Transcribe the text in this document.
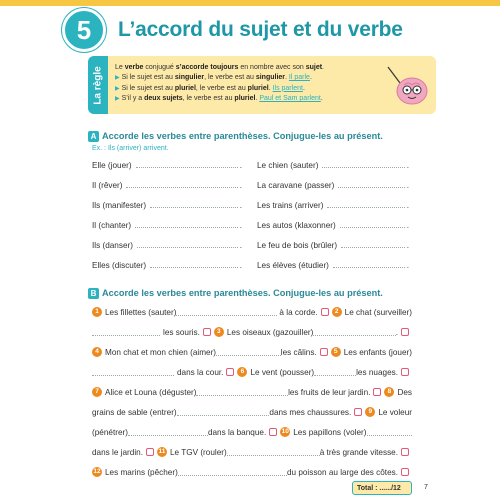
5	L’accord du sujet et du verbe
La règle Le verbe conjugué s’accorde toujours en nombre avec son sujet.
▶ Si le sujet est au singulier, le verbe est au singulier. Il parle.
▶ Si le sujet est au pluriel, le verbe est au pluriel. Ils parlent.
▶ S’il y a deux sujets, le verbe est au pluriel. Paul et Sam parlent.
A Accorde les verbes entre parenthèses. Conjugue-les au présent.
Ex. : Ils (arriver) arrivent.
Elle (jouer)	. Le chien (sauter)	.
Il (rêver)	. La caravane (passer)	.
Ils (manifester)	. Les trains (arriver)	.
Il (chanter)	. Les autos (klaxonner)	.
Ils (danser)	. Le feu de bois (brûler)	.
Elles (discuter)	. Les élèves (étudier)	.
B Accorde les verbes entre parenthèses. Conjugue-les au présent.
1 Les fillettes (sauter)	à la corde.	2 Le chat (surveiller)
les souris.	3 Les oiseaux (gazouiller)	.
4 Mon chat et mon chien (aimer)	les câlins.	5 Les enfants (jouer)
dans la cour.	6 Le vent (pousser)	les nuages.
7 Alice et Louna (déguster)	les fruits de leur jardin.	8 Des
grains de sable (entrer)	dans mes chaussures.	9 Le voleur
(pénétrer)	dans la banque. 10 Les papillons (voler)
dans le jardin. 11 Le TGV (rouler)	à très grande vitesse.
12 Les marins (pêcher)	du poisson au large des côtes.
Total : ....../12	7
